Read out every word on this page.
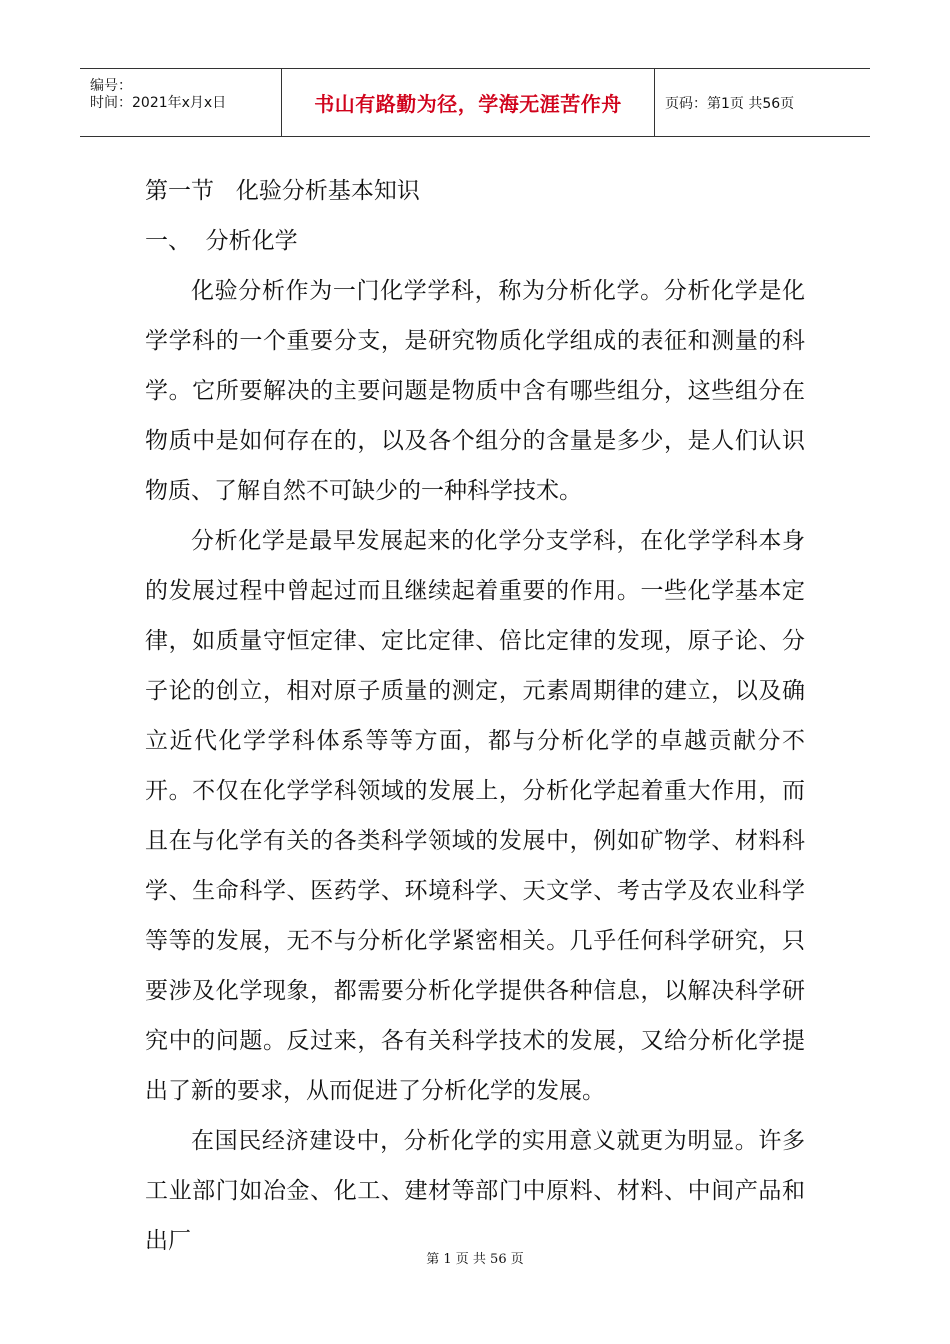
编号：
时间：2021年x月x日	书山有路勤为径，学海无涯苦作舟	页码：第1页 共56页

第一节   化验分析基本知识

一、  分析化学

化验分析作为一门化学学科，称为分析化学。分析化学是化学学科的一个重要分支，是研究物质化学组成的表征和测量的科学。它所要解决的主要问题是物质中含有哪些组分，这些组分在物质中是如何存在的，以及各个组分的含量是多少，是人们认识物质、了解自然不可缺少的一种科学技术。

分析化学是最早发展起来的化学分支学科，在化学学科本身的发展过程中曾起过而且继续起着重要的作用。一些化学基本定律，如质量守恒定律、定比定律、倍比定律的发现，原子论、分子论的创立，相对原子质量的测定，元素周期律的建立，以及确立近代化学学科体系等等方面，都与分析化学的卓越贡献分不开。不仅在化学学科领域的发展上，分析化学起着重大作用，而且在与化学有关的各类科学领域的发展中，例如矿物学、材料科学、生命科学、医药学、环境科学、天文学、考古学及农业科学等等的发展，无不与分析化学紧密相关。几乎任何科学研究，只要涉及化学现象，都需要分析化学提供各种信息，以解决科学研究中的问题。反过来，各有关科学技术的发展，又给分析化学提出了新的要求，从而促进了分析化学的发展。

在国民经济建设中，分析化学的实用意义就更为明显。许多工业部门如冶金、化工、建材等部门中原料、材料、中间产品和出厂

第 1 页 共 56 页
